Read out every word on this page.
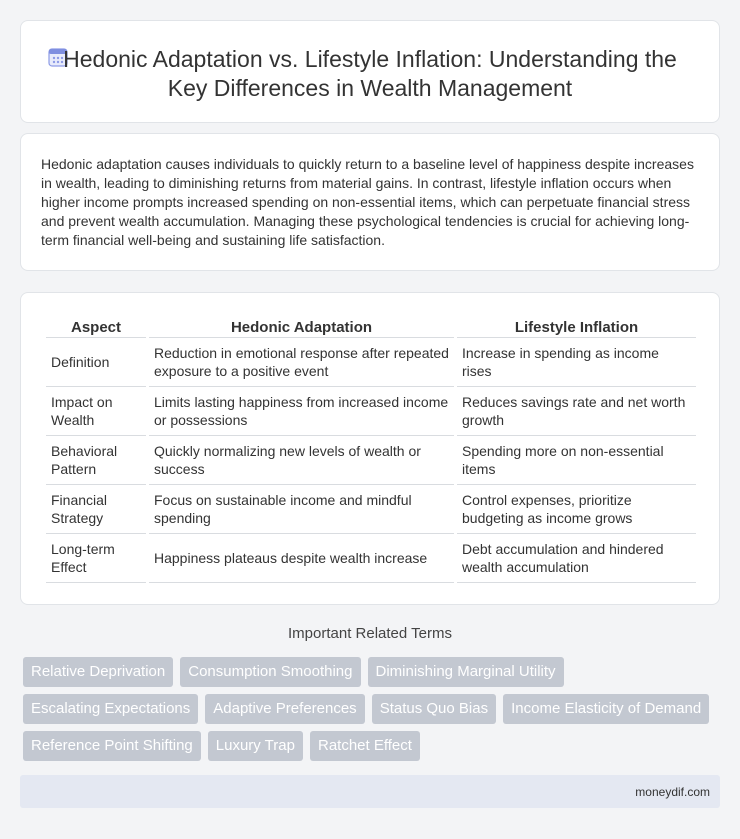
Hedonic Adaptation vs. Lifestyle Inflation: Understanding the Key Differences in Wealth Management

Hedonic adaptation causes individuals to quickly return to a baseline level of happiness despite increases in wealth, leading to diminishing returns from material gains. In contrast, lifestyle inflation occurs when higher income prompts increased spending on non-essential items, which can perpetuate financial stress and prevent wealth accumulation. Managing these psychological tendencies is crucial for achieving long-term financial well-being and sustaining life satisfaction.

Aspect	Hedonic Adaptation	Lifestyle Inflation
Definition	Reduction in emotional response after repeated exposure to a positive event	Increase in spending as income rises
Impact on Wealth	Limits lasting happiness from increased income or possessions	Reduces savings rate and net worth growth
Behavioral Pattern	Quickly normalizing new levels of wealth or success	Spending more on non-essential items
Financial Strategy	Focus on sustainable income and mindful spending	Control expenses, prioritize budgeting as income grows
Long-term Effect	Happiness plateaus despite wealth increase	Debt accumulation and hindered wealth accumulation
Important Related Terms
Relative Deprivation	Consumption Smoothing	Diminishing Marginal Utility
Escalating Expectations	Adaptive Preferences	Status Quo Bias	Income Elasticity of Demand
Reference Point Shifting	Luxury Trap	Ratchet Effect
moneydif.com
